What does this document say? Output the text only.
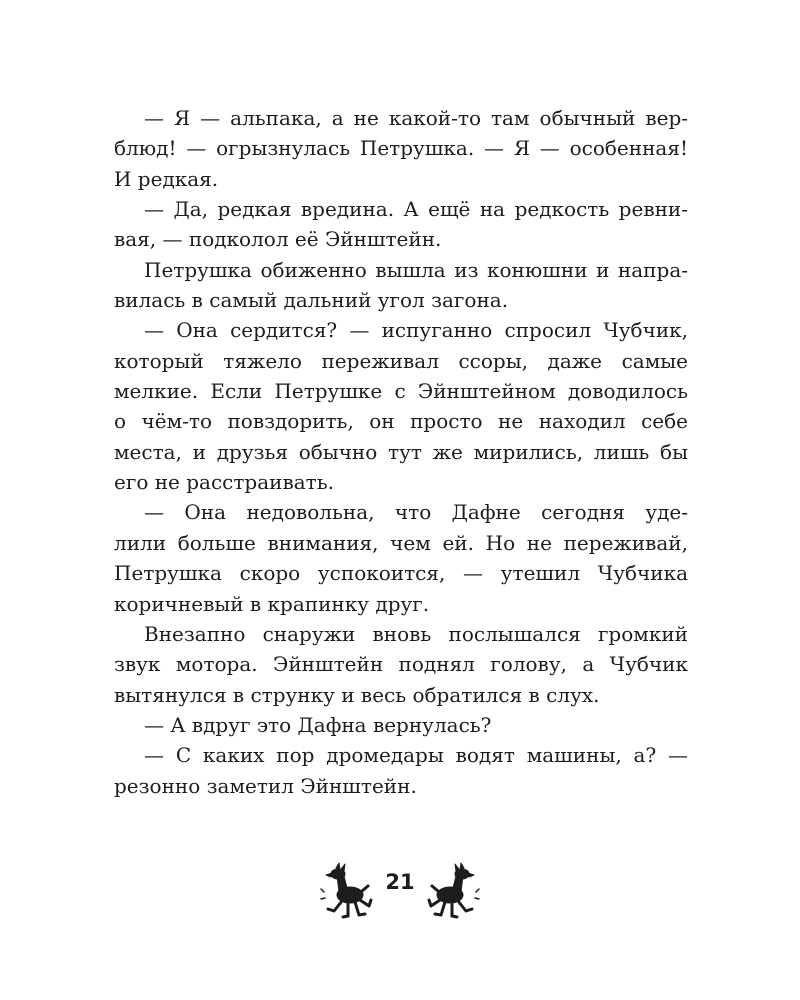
— Я — альпака, а не какой-то там обычный вер-
блюд! — огрызнулась Петрушка. — Я — особенная!
И редкая.
— Да, редкая вредина. А ещё на редкость ревни-
вая, — подколол её Эйнштейн.
Петрушка обиженно вышла из конюшни и напра-
вилась в самый дальний угол загона.
— Она сердится? — испуганно спросил Чубчик,
который тяжело переживал ссоры, даже самые
мелкие. Если Петрушке с Эйнштейном доводилось
о чём-то повздорить, он просто не находил себе
места, и друзья обычно тут же мирились, лишь бы
его не расстраивать.
— Она недовольна, что Дафне сегодня уде-
лили больше внимания, чем ей. Но не переживай,
Петрушка скоро успокоится, — утешил Чубчика
коричневый в крапинку друг.
Внезапно снаружи вновь послышался громкий
звук мотора. Эйнштейн поднял голову, а Чубчик
вытянулся в струнку и весь обратился в слух.
— А вдруг это Дафна вернулась?
— С каких пор дромедары водят машины, а? —
резонно заметил Эйнштейн.
21
